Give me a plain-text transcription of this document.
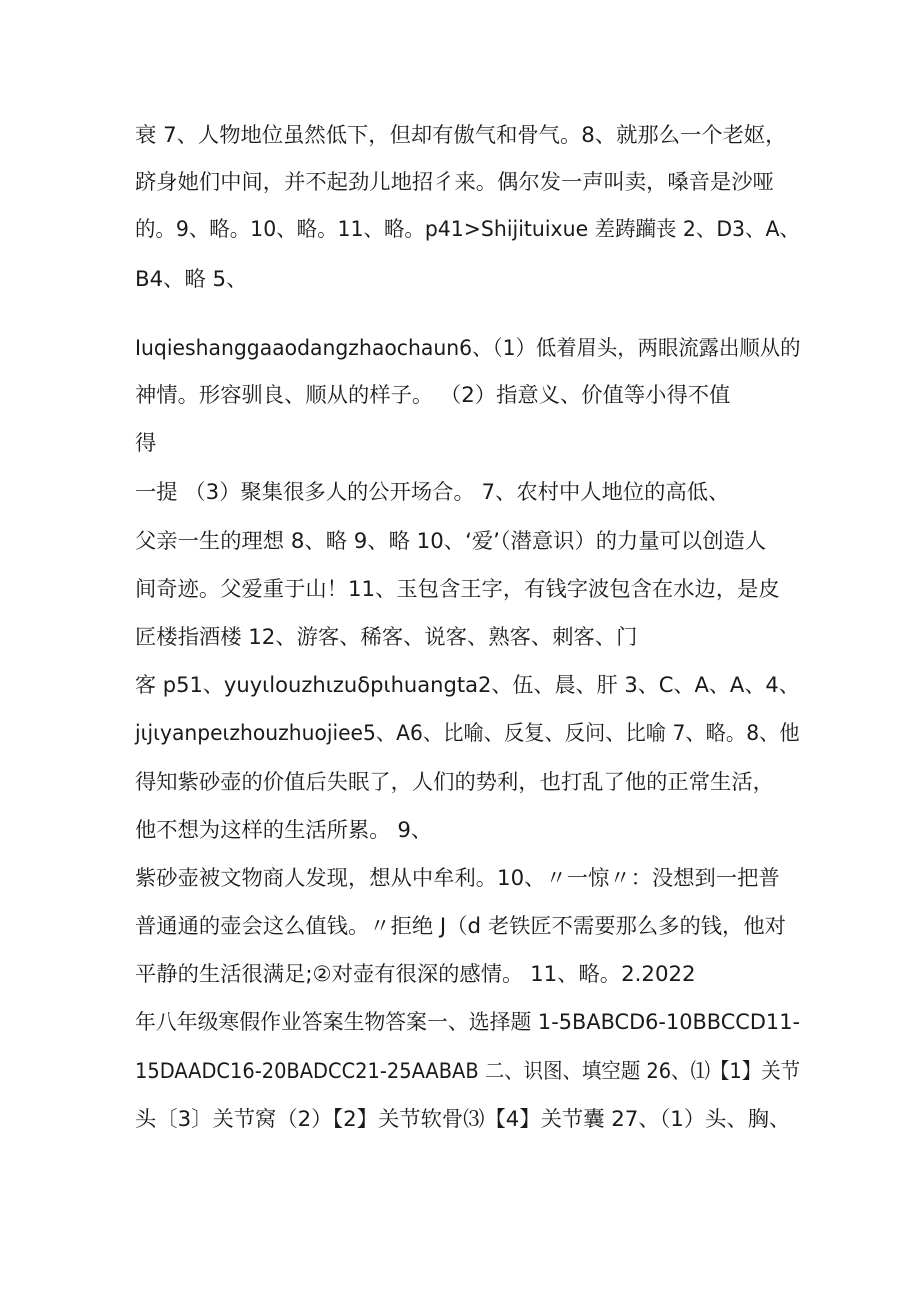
衰 7、人物地位虽然低下，但却有傲气和骨气。8、就那么一个老妪，

跻身她们中间，并不起劲儿地招彳来。偶尔发一声叫卖，嗓音是沙哑

的。9、略。10、略。11、略。p41>Shijituixue 差踌躏丧 2、D3、A、

B4、略 5、

Iuqieshanggaaodangzhaochaun6、（1）低着眉头，两眼流露出顺从的

神情。形容驯良、顺从的样子。 （2）指意义、价值等小得不值

得

一提 （3）聚集很多人的公开场合。 7、农村中人地位的高低、

父亲一生的理想 8、略 9、略 10、‘爱’（潜意识）的力量可以创造人

间奇迹。父爱重于山！11、玉包含王字，有钱字波包含在水边，是皮

匠楼指酒楼 12、游客、稀客、说客、熟客、刺客、门

客 p51、yuyιlouzhιzuδpιhuangta2、伍、晨、肝 3、C、A、A、4、

jιjιyanpeιzhouzhuojiee5、A6、比喻、反复、反问、比喻 7、略。8、他

得知紫砂壶的价值后失眠了，人们的势利，也打乱了他的正常生活，

他不想为这样的生活所累。 9、

紫砂壶被文物商人发现，想从中牟利。10、〃一惊〃：没想到一把普

普通通的壶会这么值钱。〃拒绝 J（d 老铁匠不需要那么多的钱，他对

平静的生活很满足;②对壶有很深的感情。 11、略。2.2022

年八年级寒假作业答案生物答案一、选择题 1-5BABCD6-10BBCCD11-

15DAADC16-20BADCC21-25AABAB 二、识图、填空题 26、⑴【1】关节

头〔3〕关节窝（2）【2】关节软骨⑶【4】关节囊 27、（1）头、胸、
